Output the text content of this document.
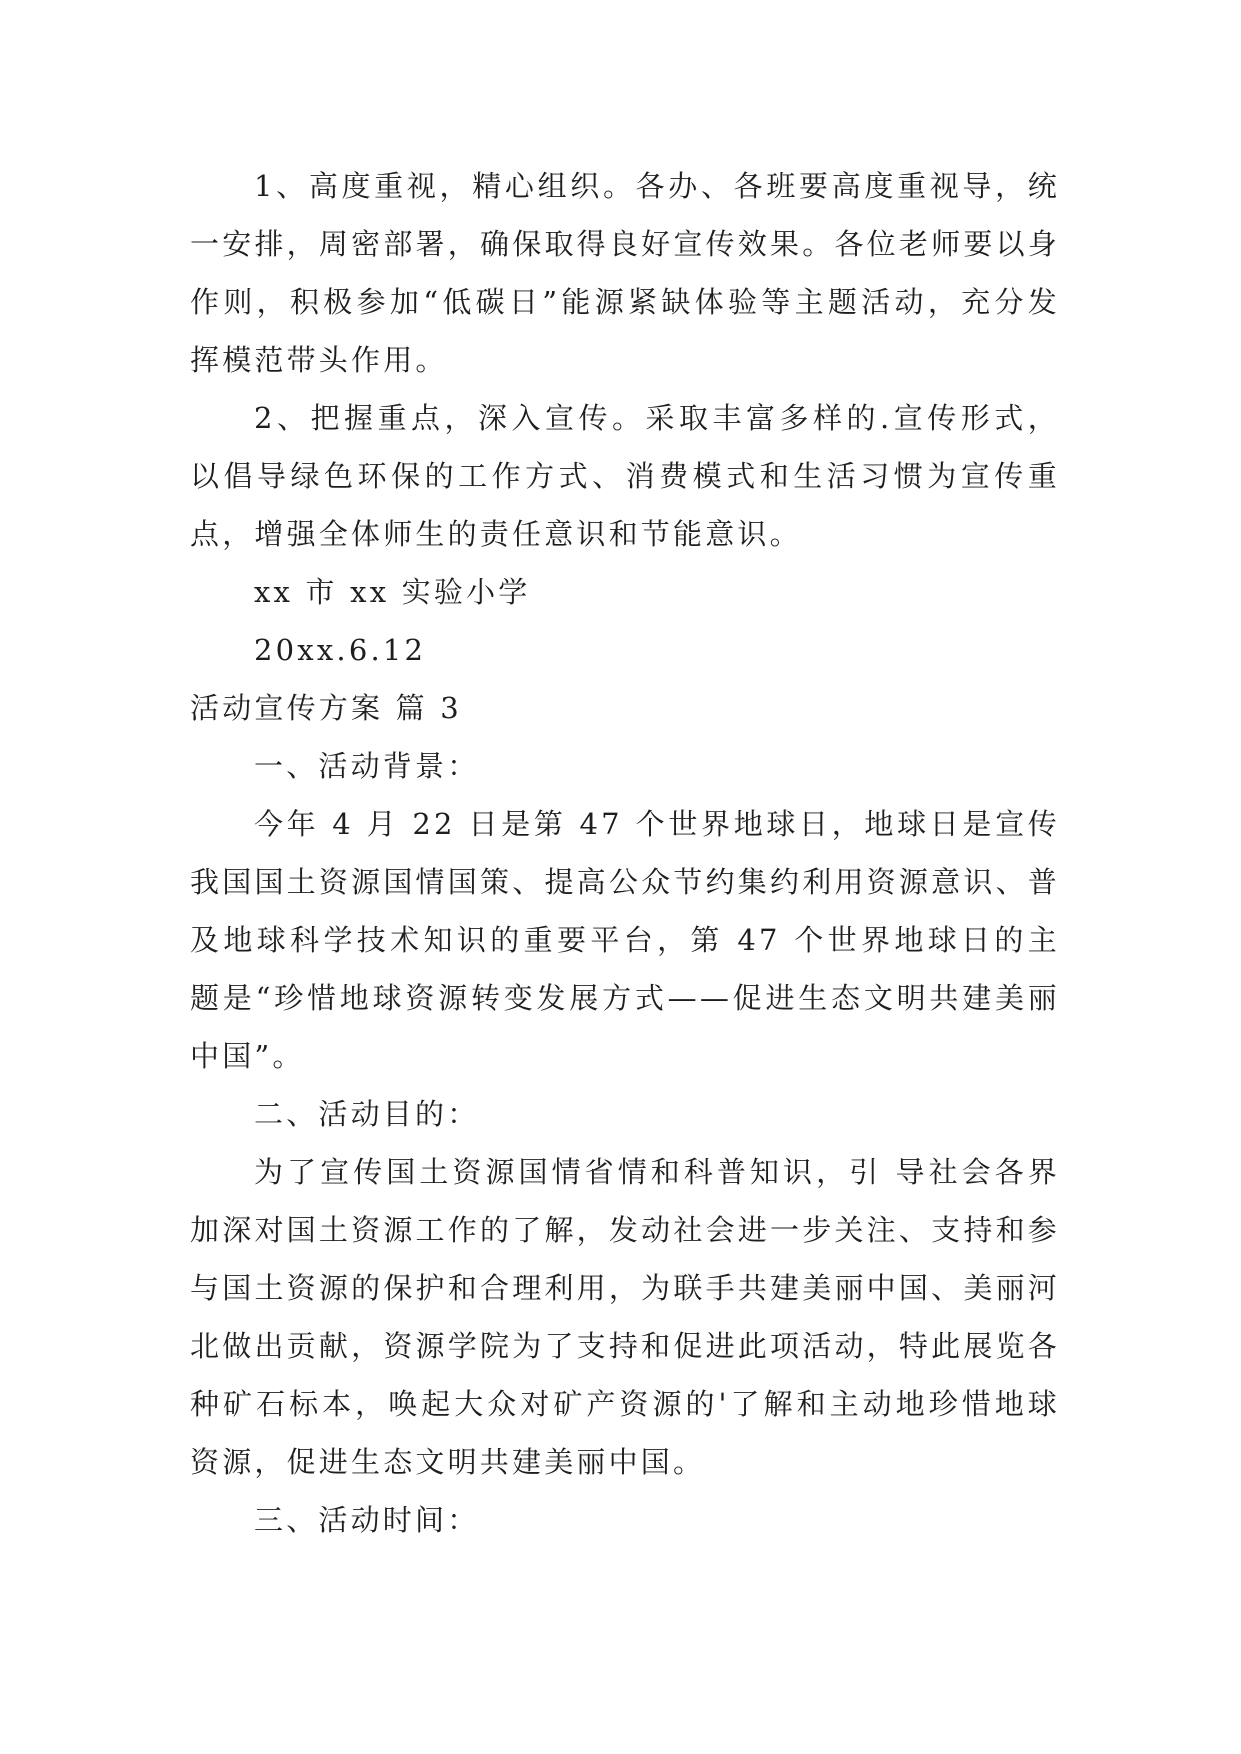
1、高度重视，精心组织。各办、各班要高度重视导，统一安排，周密部署，确保取得良好宣传效果。各位老师要以身作则，积极参加“低碳日”能源紧缺体验等主题活动，充分发挥模范带头作用。

2、把握重点，深入宣传。采取丰富多样的.宣传形式，以倡导绿色环保的工作方式、消费模式和生活习惯为宣传重点，增强全体师生的责任意识和节能意识。

xx 市 xx 实验小学

20xx.6.12

活动宣传方案 篇 3

一、活动背景：

今年 4 月 22 日是第 47 个世界地球日，地球日是宣传我国国土资源国情国策、提高公众节约集约利用资源意识、普及地球科学技术知识的重要平台，第 47 个世界地球日的主题是“珍惜地球资源转变发展方式——促进生态文明共建美丽中国”。

二、活动目的：

为了宣传国土资源国情省情和科普知识，引 导社会各界加深对国土资源工作的了解，发动社会进一步关注、支持和参与国土资源的保护和合理利用，为联手共建美丽中国、美丽河北做出贡献，资源学院为了支持和促进此项活动，特此展览各种矿石标本，唤起大众对矿产资源的'了解和主动地珍惜地球资源，促进生态文明共建美丽中国。

三、活动时间：
